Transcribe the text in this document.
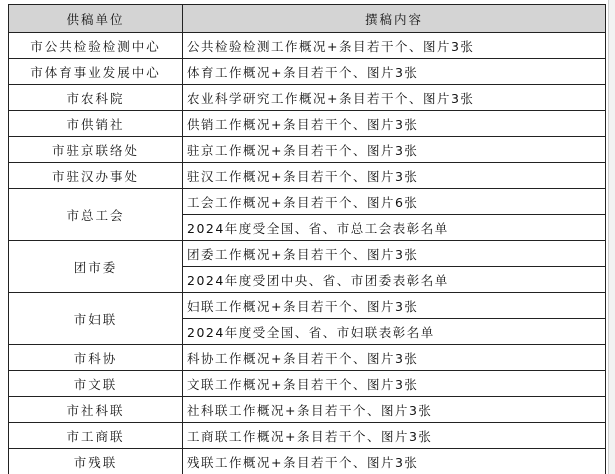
供稿单位	撰稿内容
市公共检验检测中心	公共检验检测工作概况+条目若干个、图片3张
市体育事业发展中心	体育工作概况+条目若干个、图片3张
市农科院	农业科学研究工作概况+条目若干个、图片3张
市供销社	供销工作概况+条目若干个、图片3张
市驻京联络处	驻京工作概况+条目若干个、图片3张
市驻汉办事处	驻汉工作概况+条目若干个、图片3张
市总工会	工会工作概况+条目若干个、图片6张
	2024年度受全国、省、市总工会表彰名单
团市委	团委工作概况+条目若干个、图片3张
	2024年度受团中央、省、市团委表彰名单
市妇联	妇联工作概况+条目若干个、图片3张
	2024年度受全国、省、市妇联表彰名单
市科协	科协工作概况+条目若干个、图片3张
市文联	文联工作概况+条目若干个、图片3张
市社科联	社科联工作概况+条目若干个、图片3张
市工商联	工商联工作概况+条目若干个、图片3张
市残联	残联工作概况+条目若干个、图片3张
